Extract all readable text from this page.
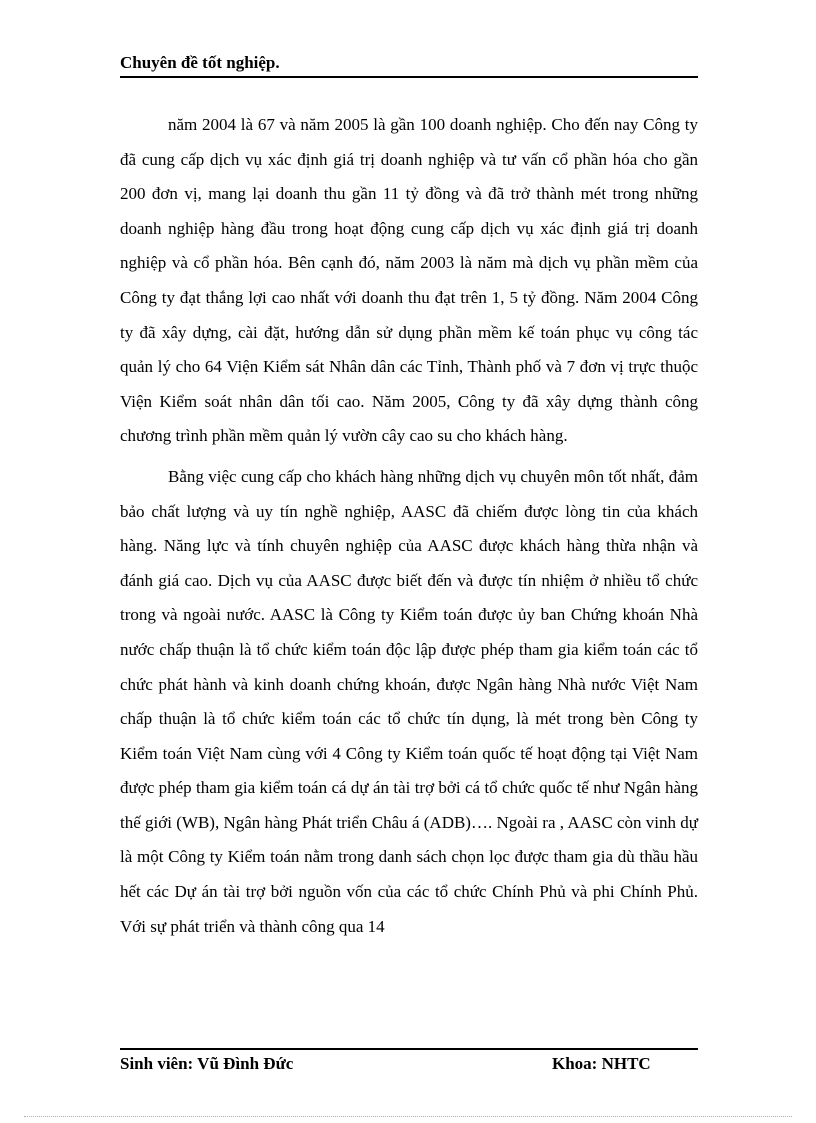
Chuyên đề tốt nghiệp.

năm 2004 là 67 và năm 2005 là gần 100 doanh nghiệp. Cho đến nay Công ty đã cung cấp dịch vụ xác định giá trị doanh nghiệp và tư vấn cổ phần hóa cho gần 200 đơn vị, mang lại doanh thu gần 11 tỷ đồng và đã trở thành mét trong những doanh nghiệp hàng đầu trong hoạt động cung cấp dịch vụ xác định giá trị doanh nghiệp và cổ phần hóa. Bên cạnh đó, năm 2003 là năm mà dịch vụ phần mềm của Công ty đạt thắng lợi cao nhất với doanh thu đạt trên 1, 5 tỷ đồng. Năm 2004 Công ty đã xây dựng, cài đặt, hướng dẫn sử dụng phần mềm kế toán phục vụ công tác quản lý cho 64 Viện Kiểm sát Nhân dân các Tỉnh, Thành phố và 7 đơn vị trực thuộc Viện Kiểm soát nhân dân tối cao. Năm 2005, Công ty đã xây dựng thành công chương trình phần mềm quản lý vườn cây cao su cho khách hàng.

Bằng việc cung cấp cho khách hàng những dịch vụ chuyên môn tốt nhất, đảm bảo chất lượng và uy tín nghề nghiệp, AASC đã chiếm được lòng tin của khách hàng. Năng lực và tính chuyên nghiệp của AASC được khách hàng thừa nhận và đánh giá cao. Dịch vụ của AASC được biết đến và được tín nhiệm ở nhiều tổ chức trong và ngoài nước. AASC là Công ty Kiểm toán được ủy ban Chứng khoán Nhà nước chấp thuận là tổ chức kiểm toán độc lập được phép tham gia kiểm toán các tổ chức phát hành và kinh doanh chứng khoán, được Ngân hàng Nhà nước Việt Nam chấp thuận là tổ chức kiểm toán các tổ chức tín dụng, là mét trong bèn Công ty Kiểm toán Việt Nam cùng với 4 Công ty Kiểm toán quốc tế hoạt động tại Việt Nam được phép tham gia kiểm toán cá dự án tài trợ bởi cá tổ chức quốc tế như Ngân hàng thế giới (WB), Ngân hàng Phát triển Châu á (ADB)…. Ngoài ra , AASC còn vinh dự là một Công ty Kiểm toán nằm trong danh sách chọn lọc được tham gia dù thầu hầu hết các Dự án tài trợ bởi nguồn vốn của các tổ chức Chính Phủ và phi Chính Phủ. Với sự phát triển và thành công qua 14

Sinh viên: Vũ Đình Đức	Khoa: NHTC
